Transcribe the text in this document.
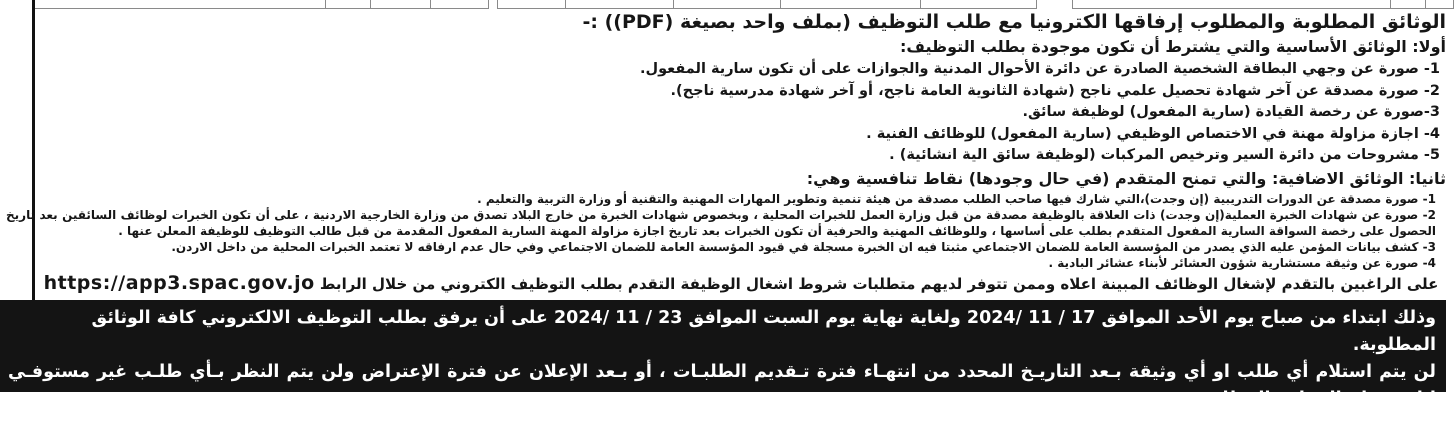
الوثائق المطلوبة والمطلوب إرفاقها الكترونيا مع طلب التوظيف (بملف واحد بصيغة (PDF)) :-
أولا: الوثائق الأساسية والتي يشترط أن تكون موجودة بطلب التوظيف:
1- صورة عن وجهي البطاقة الشخصية الصادرة عن دائرة الأحوال المدنية والجوازات على أن تكون سارية المفعول.
2- صورة مصدقة عن آخر شهادة تحصيل علمي ناجح (شهادة الثانوية العامة ناجح، أو آخر شهادة مدرسية ناجح).
3-صورة عن رخصة القيادة (سارية المفعول) لوظيفة سائق.
4- اجازة مزاولة مهنة في الاختصاص الوظيفي (سارية المفعول) للوظائف الفنية .
5- مشروحات من دائرة السير وترخيص المركبات (لوظيفة سائق الية انشائية) .
ثانيا: الوثائق الاضافية: والتي تمنح المتقدم (في حال وجودها) نقاط تنافسية وهي:
1- صورة مصدقة عن الدورات التدريبية (إن وجدت)،التي شارك فيها صاحب الطلب مصدقة من هيئة تنمية وتطوير المهارات المهنية والتقنية أو وزارة التربية والتعليم .
2- صورة عن شهادات الخبرة العملية(إن وجدت) ذات العلاقة بالوظيفة مصدقة من قبل وزارة العمل للخبرات المحلية ، وبخصوص شهادات الخبرة من خارج البلاد تصدق من وزارة الخارجية الاردنية ، على أن تكون الخبرات لوظائف السائقين بعد تاريخ الحصول على رخصة السواقة السارية المفعول المتقدم بطلب على أساسها ، وللوظائف المهنية والحرفية أن تكون الخبرات بعد تاريخ اجازة مزاولة المهنة السارية المفعول المقدمة من قبل طالب التوظيف للوظيفة المعلن عنها .
3- كشف بيانات المؤمن عليه الذي يصدر من المؤسسة العامة للضمان الاجتماعي مثبتا فيه ان الخبرة مسجلة في قيود المؤسسة العامة للضمان الاجتماعي وفي حال عدم ارفاقه لا تعتمد الخبرات المحلية من داخل الاردن.
4- صورة عن وثيقة مستشارية شؤون العشائر لأبناء عشائر البادية .
على الراغبين بالتقدم لإشغال الوظائف المبينة اعلاه وممن تتوفر لديهم متطلبات شروط اشغال الوظيفة التقدم بطلب التوظيف الكتروني من خلال الرابط https://app3.spac.gov.jo
وذلك ابتداء من صباح يوم الأحد الموافق 17 / 11 /2024 ولغاية نهاية يوم السبت الموافق 23 / 11 /2024 على أن يرفق بطلب التوظيف الالكتروني كافة الوثائق المطلوبة.
لن يتم استلام أي طلب او أي وثيقة بـعد التاريـخ المحدد من انتهـاء فترة تـقديم الطلبـات ، أو بـعد الإعلان عن فترة الإعتراض ولن يتم النظر بـأي طلـب غير مستوفـي لـلشروط والوثـائق المطلوبـة
بالإعلان، ولا يجوز التقدم لأكثر من وظيفة واحدة.
